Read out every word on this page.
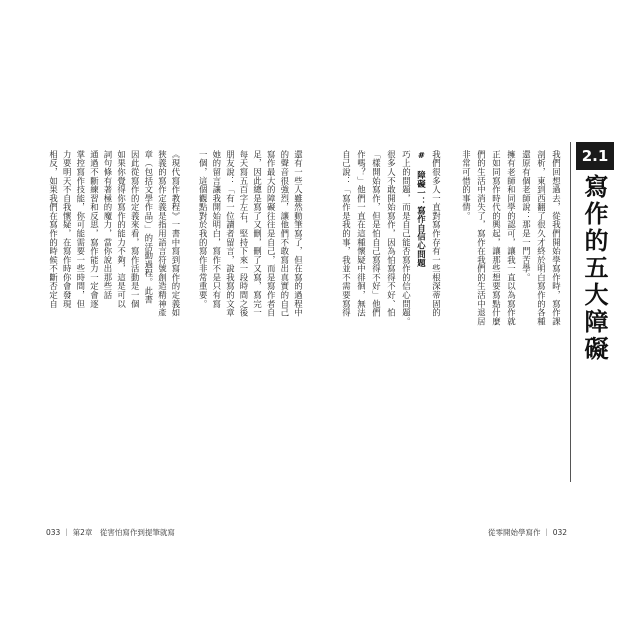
2.1
寫作的五大障礙
我們回想過去，從我們開始學寫作時，寫作課
剖析，東到西翻了很久才終於明白寫作的各種
還原有個老師說：那是一門苦學。
擁有老師和同學的認可，讓我一直以為寫作就
正如同寫作時代的興起，讓那些想要寫點什麼
們的生活中消失了，寫作在我們的生活中退居
非常可惜的事情。
我們很多人一直對寫作存有一些根深蒂固的
# 障礙一：寫作自信心問題
巧上的問題，而是自己能否寫作的信心問題。
很多人不敢開始寫作，因為怕寫得不好、怕
「樣開始寫作，但是怕自己寫得不好」他們
作嗎？」他們一直在這種懷疑中徘徊，無法
自己說：「寫作是我的事，我並不需要寫得
還有一些人雖然動筆寫了，但在寫的過程中
的聲音很強烈，讓他們不敢寫出真實的自己
寫作最大的障礙往往是自己，而是寫作者自
足，因此總是寫了又刪，刪了又寫，寫完一
每天寫五百字左右，堅持下來一段時間之後
朋友說：「有一位讀者留言，說我寫的文章
她的留言讓我開始明白，寫作不是只有寫
一個，這個觀點對於我的寫作非常重要。
《現代寫作教程》一書中寫到寫作的定義如
狹義的寫作定義是指用語言符號創造精神產
章（包括文學作品）」的活動過程。此書
因此從寫作的定義來看，寫作活動是一個
如果你覺得你寫作的能力不夠，這是可以
詞句條有著極的魔力，當你說出那些話
通過不斷練習和反思，寫作能力一定會逐
掌控寫作技能，你可能需要一些時間，但
力要明天不自我懷疑，在寫作時你會發現
相反，如果我們在寫作的時候不斷否定自
033 ｜ 第2章　從害怕寫作到提筆就寫	從零開始學寫作 ｜ 032
